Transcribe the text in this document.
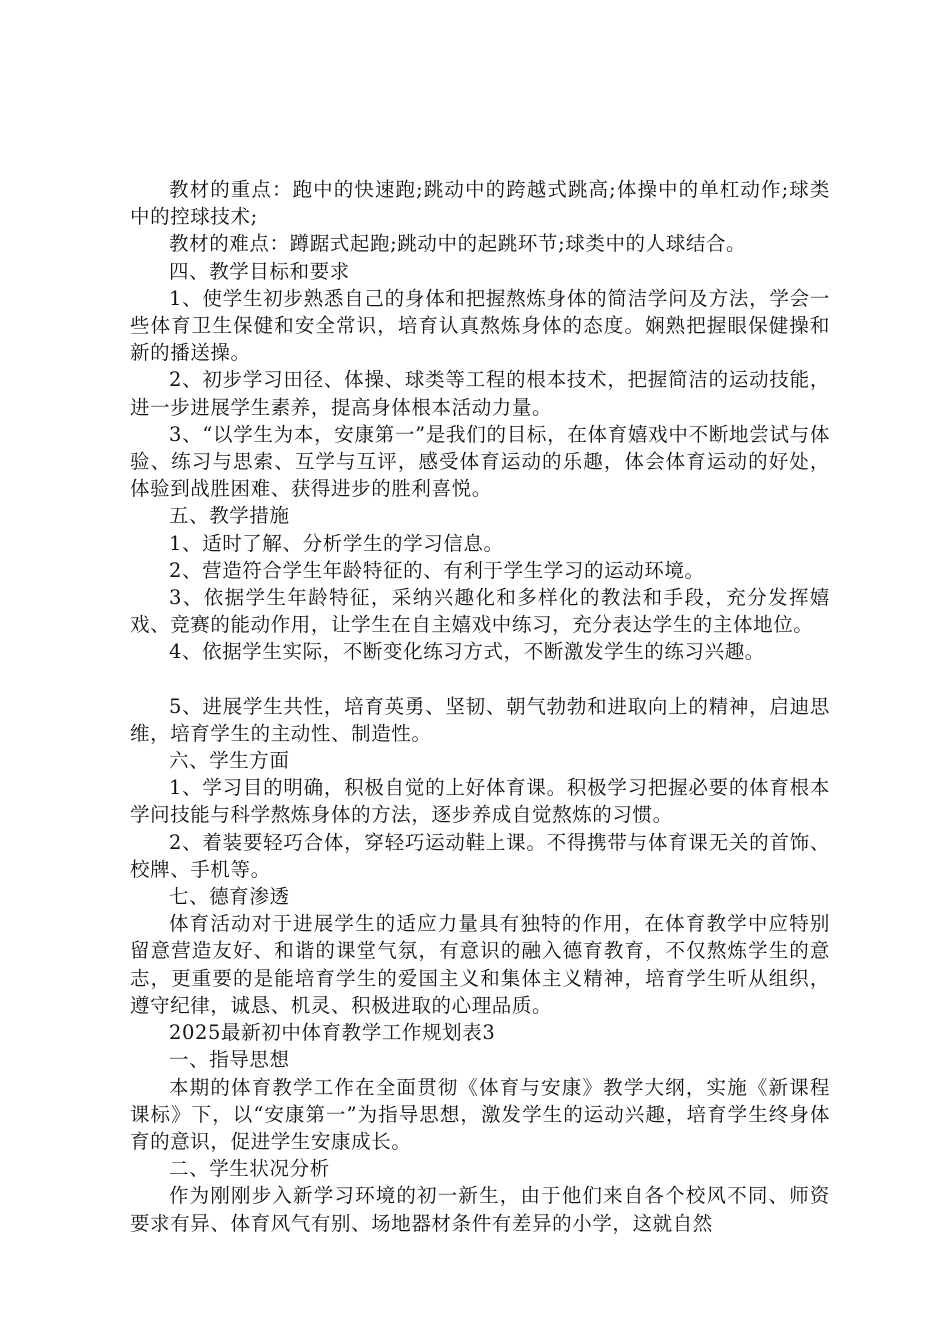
教材的重点：跑中的快速跑;跳动中的跨越式跳高;体操中的单杠动作;球类中的控球技术;

教材的难点：蹲踞式起跑;跳动中的起跳环节;球类中的人球结合。

四、教学目标和要求

1、使学生初步熟悉自己的身体和把握熬炼身体的简洁学问及方法，学会一些体育卫生保健和安全常识，培育认真熬炼身体的态度。娴熟把握眼保健操和新的播送操。

2、初步学习田径、体操、球类等工程的根本技术，把握简洁的运动技能，进一步进展学生素养，提高身体根本活动力量。

3、“以学生为本，安康第一”是我们的目标，在体育嬉戏中不断地尝试与体验、练习与思索、互学与互评，感受体育运动的乐趣，体会体育运动的好处，体验到战胜困难、获得进步的胜利喜悦。

五、教学措施

1、适时了解、分析学生的学习信息。

2、营造符合学生年龄特征的、有利于学生学习的运动环境。

3、依据学生年龄特征，采纳兴趣化和多样化的教法和手段，充分发挥嬉戏、竞赛的能动作用，让学生在自主嬉戏中练习，充分表达学生的主体地位。

4、依据学生实际，不断变化练习方式，不断激发学生的练习兴趣。

5、进展学生共性，培育英勇、坚韧、朝气勃勃和进取向上的精神，启迪思维，培育学生的主动性、制造性。

六、学生方面

1、学习目的明确，积极自觉的上好体育课。积极学习把握必要的体育根本学问技能与科学熬炼身体的方法，逐步养成自觉熬炼的习惯。

2、着装要轻巧合体，穿轻巧运动鞋上课。不得携带与体育课无关的首饰、校牌、手机等。

七、德育渗透

体育活动对于进展学生的适应力量具有独特的作用，在体育教学中应特别留意营造友好、和谐的课堂气氛，有意识的融入德育教育，不仅熬炼学生的意志，更重要的是能培育学生的爱国主义和集体主义精神，培育学生听从组织，遵守纪律，诚恳、机灵、积极进取的心理品质。

2025最新初中体育教学工作规划表3

一、指导思想

本期的体育教学工作在全面贯彻《体育与安康》教学大纲，实施《新课程课标》下，以“安康第一”为指导思想，激发学生的运动兴趣，培育学生终身体育的意识，促进学生安康成长。

二、学生状况分析

作为刚刚步入新学习环境的初一新生，由于他们来自各个校风不同、师资要求有异、体育风气有别、场地器材条件有差异的小学，这就自然
